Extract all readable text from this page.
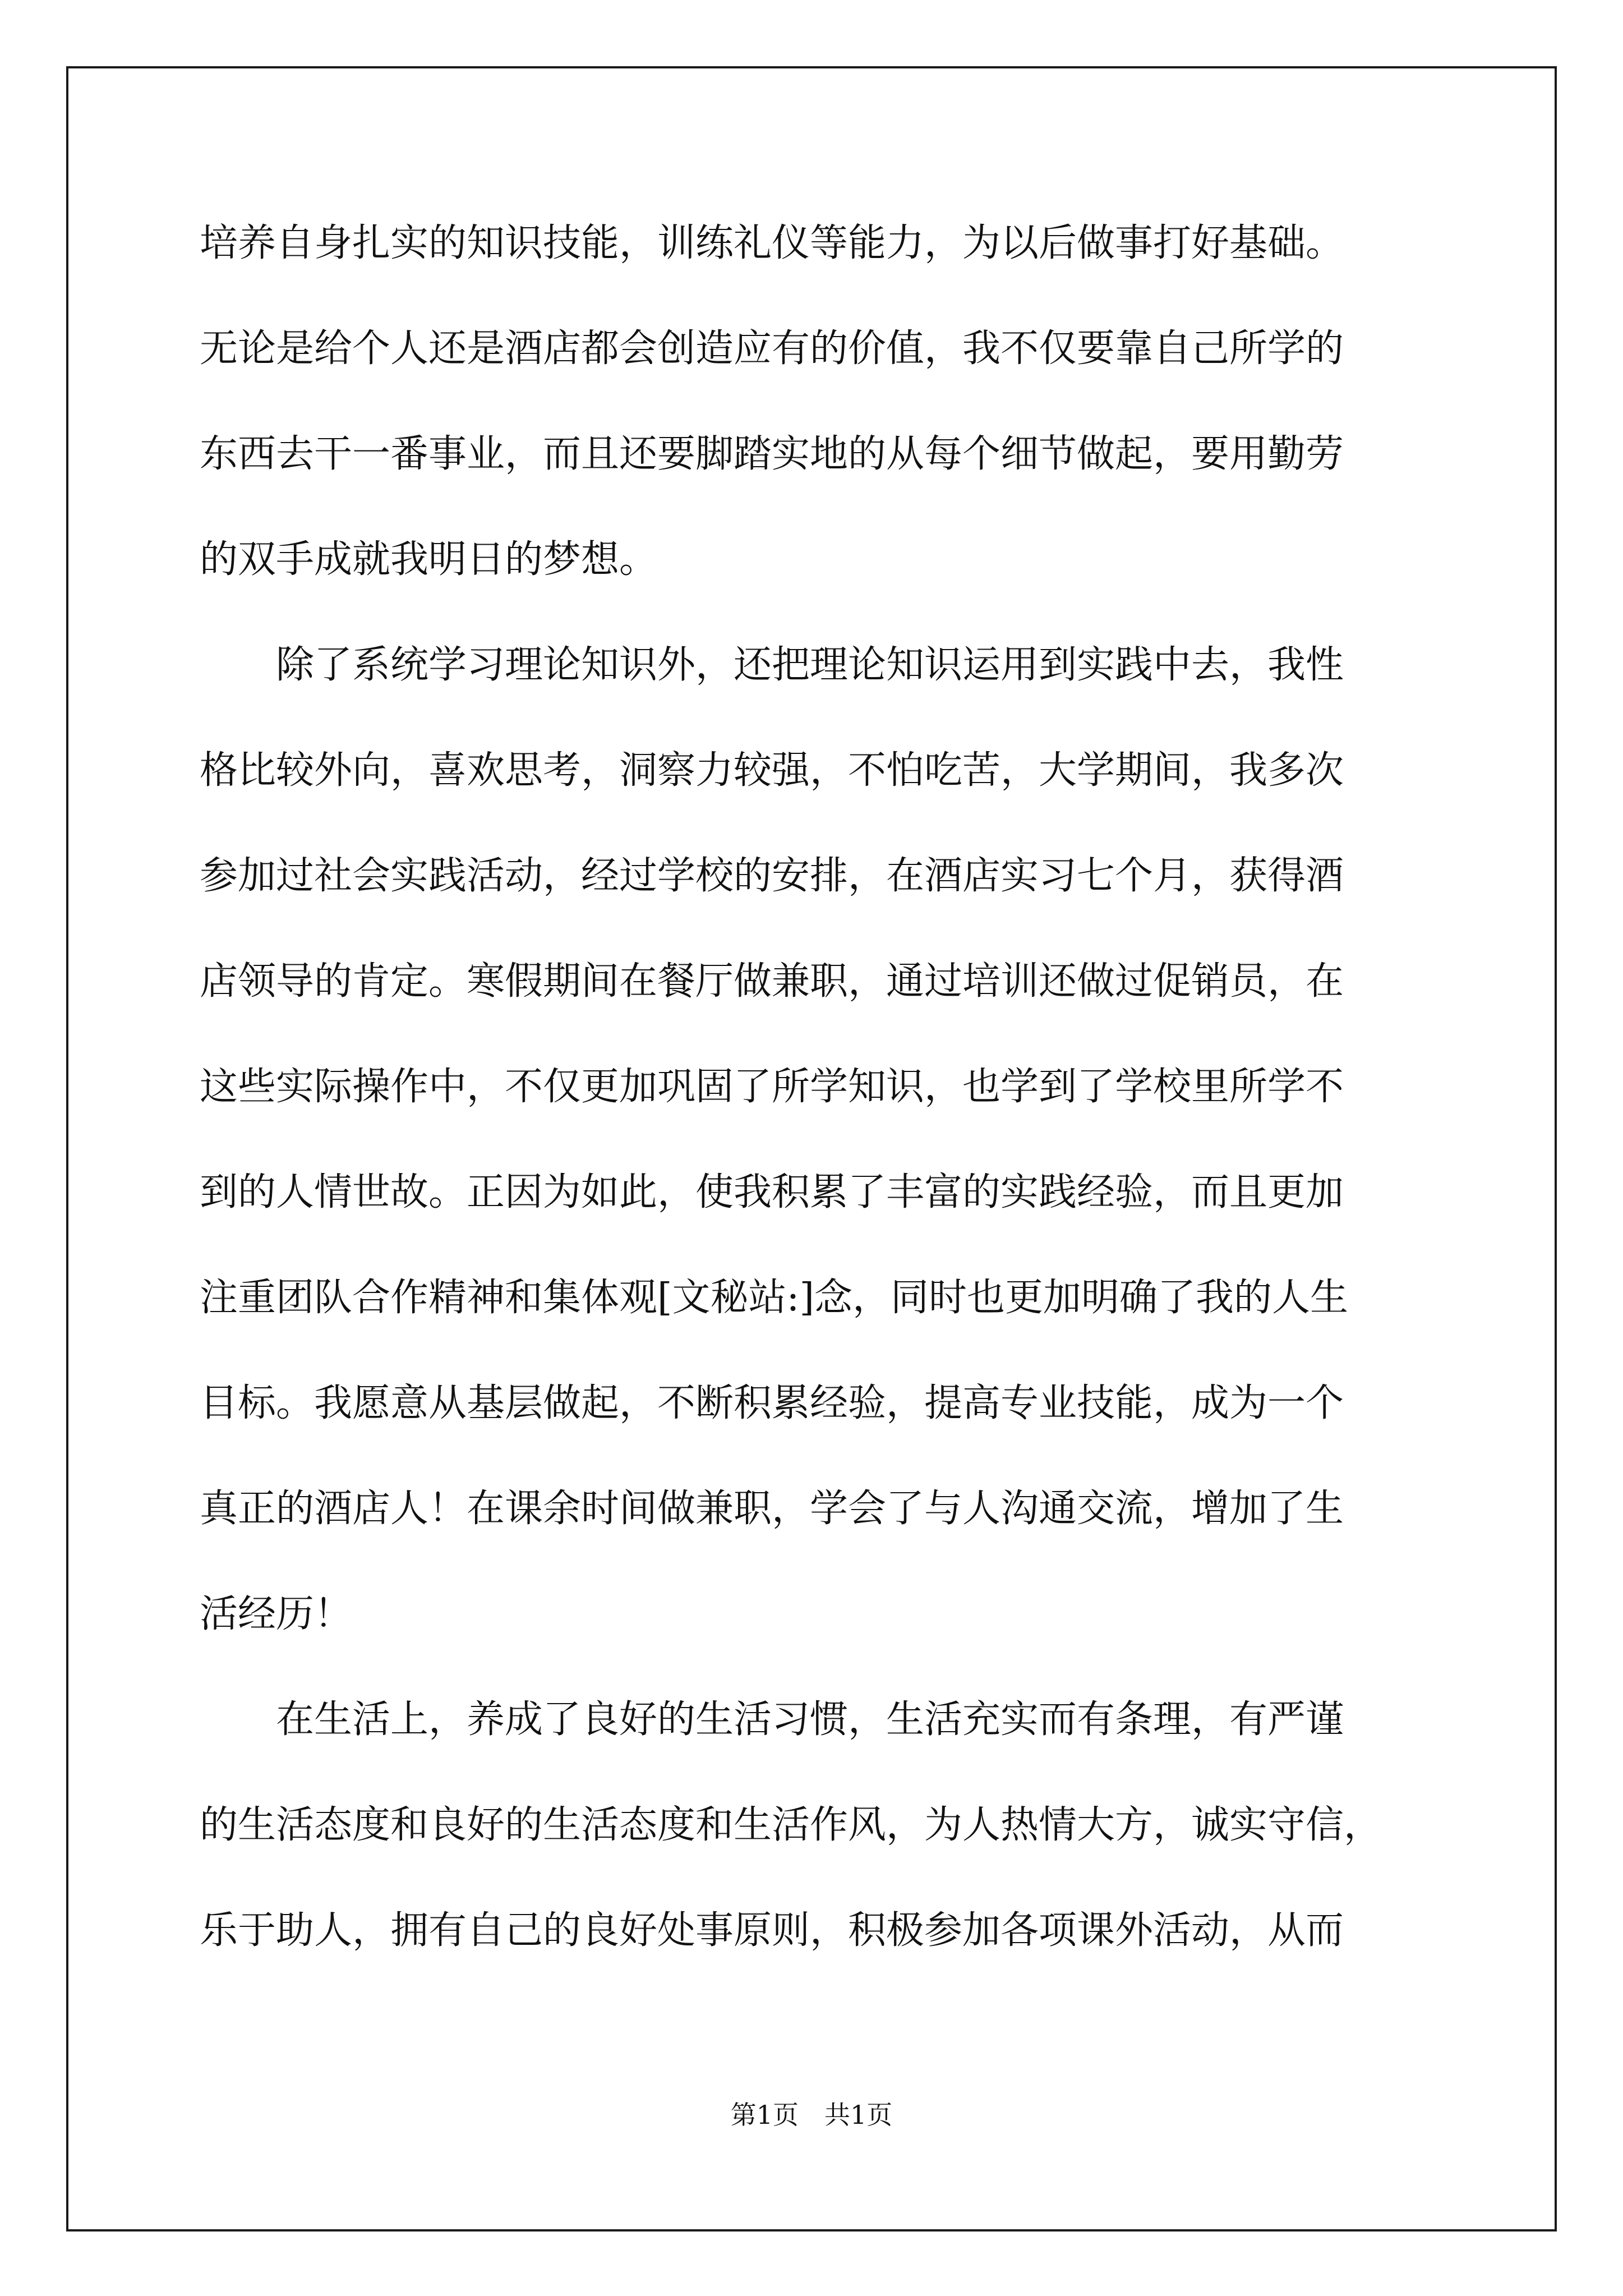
培养自身扎实的知识技能，训练礼仪等能力，为以后做事打好基础。
无论是给个人还是酒店都会创造应有的价值，我不仅要靠自己所学的
东西去干一番事业，而且还要脚踏实地的从每个细节做起，要用勤劳
的双手成就我明日的梦想。
　　除了系统学习理论知识外，还把理论知识运用到实践中去，我性
格比较外向，喜欢思考，洞察力较强，不怕吃苦，大学期间，我多次
参加过社会实践活动，经过学校的安排，在酒店实习七个月，获得酒
店领导的肯定。寒假期间在餐厅做兼职，通过培训还做过促销员，在
这些实际操作中，不仅更加巩固了所学知识，也学到了学校里所学不
到的人情世故。正因为如此，使我积累了丰富的实践经验，而且更加
注重团队合作精神和集体观[文秘站:]念，同时也更加明确了我的人生
目标。我愿意从基层做起，不断积累经验，提高专业技能，成为一个
真正的酒店人！在课余时间做兼职，学会了与人沟通交流，增加了生
活经历！
　　在生活上，养成了良好的生活习惯，生活充实而有条理，有严谨
的生活态度和良好的生活态度和生活作风，为人热情大方，诚实守信，
乐于助人，拥有自己的良好处事原则，积极参加各项课外活动，从而
第1页　共1页
